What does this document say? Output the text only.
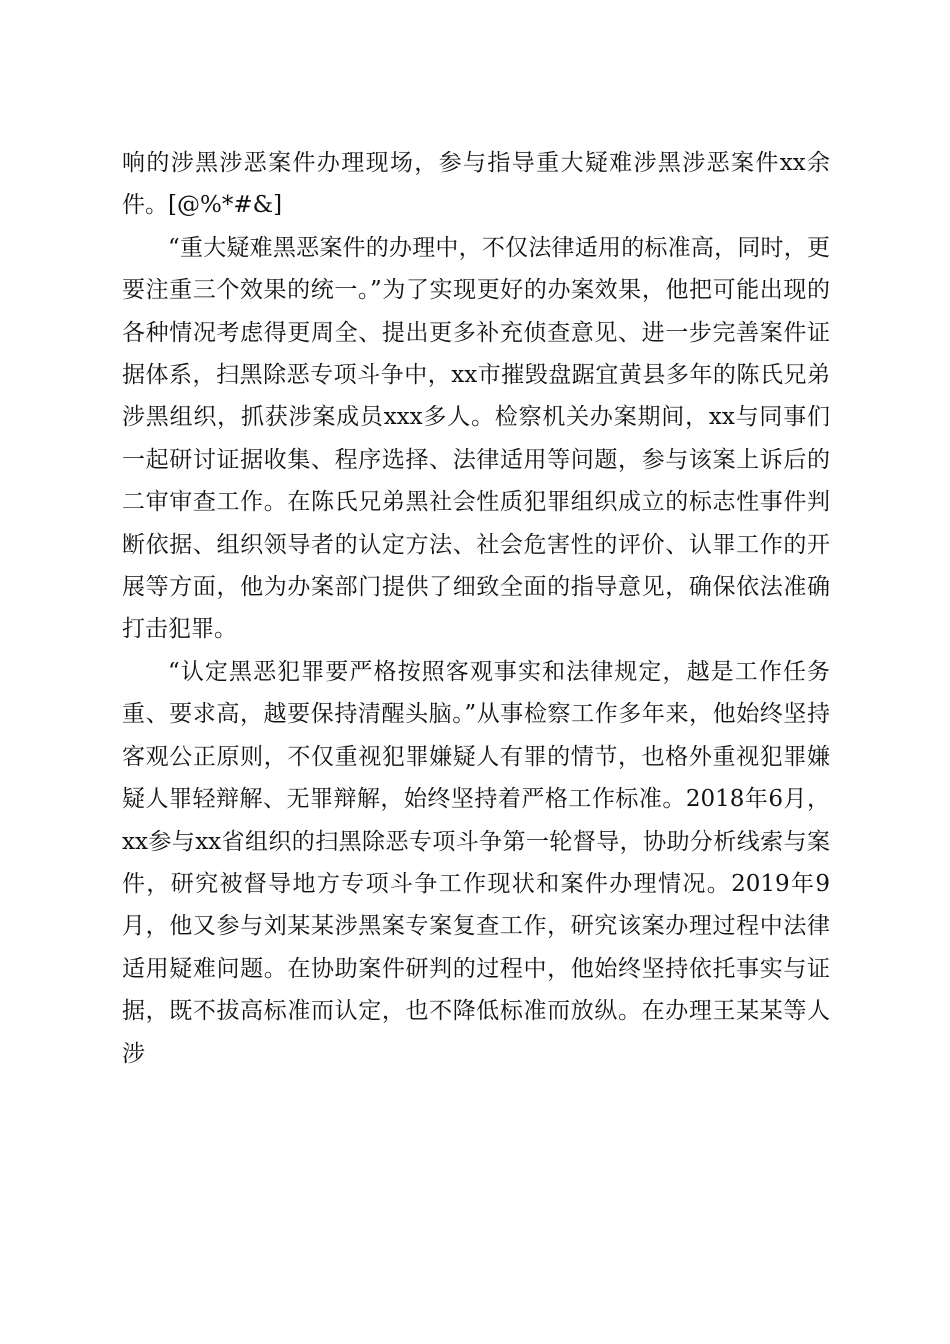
响的涉黑涉恶案件办理现场，参与指导重大疑难涉黑涉恶案件xx余件。[@%*#&]

“重大疑难黑恶案件的办理中，不仅法律适用的标准高，同时，更要注重三个效果的统一。”为了实现更好的办案效果，他把可能出现的各种情况考虑得更周全、提出更多补充侦查意见、进一步完善案件证据体系，扫黑除恶专项斗争中，xx市摧毁盘踞宜黄县多年的陈氏兄弟涉黑组织，抓获涉案成员xxx多人。检察机关办案期间，xx与同事们一起研讨证据收集、程序选择、法律适用等问题，参与该案上诉后的二审审查工作。在陈氏兄弟黑社会性质犯罪组织成立的标志性事件判断依据、组织领导者的认定方法、社会危害性的评价、认罪工作的开展等方面，他为办案部门提供了细致全面的指导意见，确保依法准确打击犯罪。

“认定黑恶犯罪要严格按照客观事实和法律规定，越是工作任务重、要求高，越要保持清醒头脑。”从事检察工作多年来，他始终坚持客观公正原则，不仅重视犯罪嫌疑人有罪的情节，也格外重视犯罪嫌疑人罪轻辩解、无罪辩解，始终坚持着严格工作标准。2018年6月，xx参与xx省组织的扫黑除恶专项斗争第一轮督导，协助分析线索与案件，研究被督导地方专项斗争工作现状和案件办理情况。2019年9月，他又参与刘某某涉黑案专案复查工作，研究该案办理过程中法律适用疑难问题。在协助案件研判的过程中，他始终坚持依托事实与证据，既不拔高标准而认定，也不降低标准而放纵。在办理王某某等人涉
